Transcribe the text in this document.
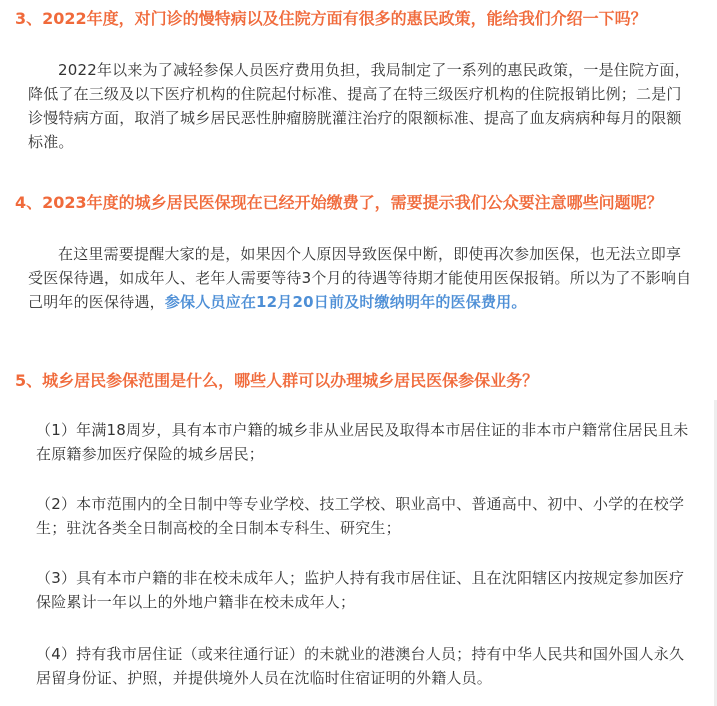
3、2022年度，对门诊的慢特病以及住院方面有很多的惠民政策，能给我们介绍一下吗？
2022年以来为了减轻参保人员医疗费用负担，我局制定了一系列的惠民政策，一是住院方面，降低了在三级及以下医疗机构的住院起付标准、提高了在特三级医疗机构的住院报销比例；二是门诊慢特病方面，取消了城乡居民恶性肿瘤膀胱灌注治疗的限额标准、提高了血友病病种每月的限额标准。
4、2023年度的城乡居民医保现在已经开始缴费了，需要提示我们公众要注意哪些问题呢？
在这里需要提醒大家的是，如果因个人原因导致医保中断，即使再次参加医保，也无法立即享受医保待遇，如成年人、老年人需要等待3个月的待遇等待期才能使用医保报销。所以为了不影响自己明年的医保待遇，参保人员应在12月20日前及时缴纳明年的医保费用。
5、城乡居民参保范围是什么，哪些人群可以办理城乡居民医保参保业务？
（1）年满18周岁，具有本市户籍的城乡非从业居民及取得本市居住证的非本市户籍常住居民且未在原籍参加医疗保险的城乡居民；
（2）本市范围内的全日制中等专业学校、技工学校、职业高中、普通高中、初中、小学的在校学生；驻沈各类全日制高校的全日制本专科生、研究生；
（3）具有本市户籍的非在校未成年人；监护人持有我市居住证、且在沈阳辖区内按规定参加医疗保险累计一年以上的外地户籍非在校未成年人；
（4）持有我市居住证（或来往通行证）的未就业的港澳台人员；持有中华人民共和国外国人永久居留身份证、护照，并提供境外人员在沈临时住宿证明的外籍人员。
